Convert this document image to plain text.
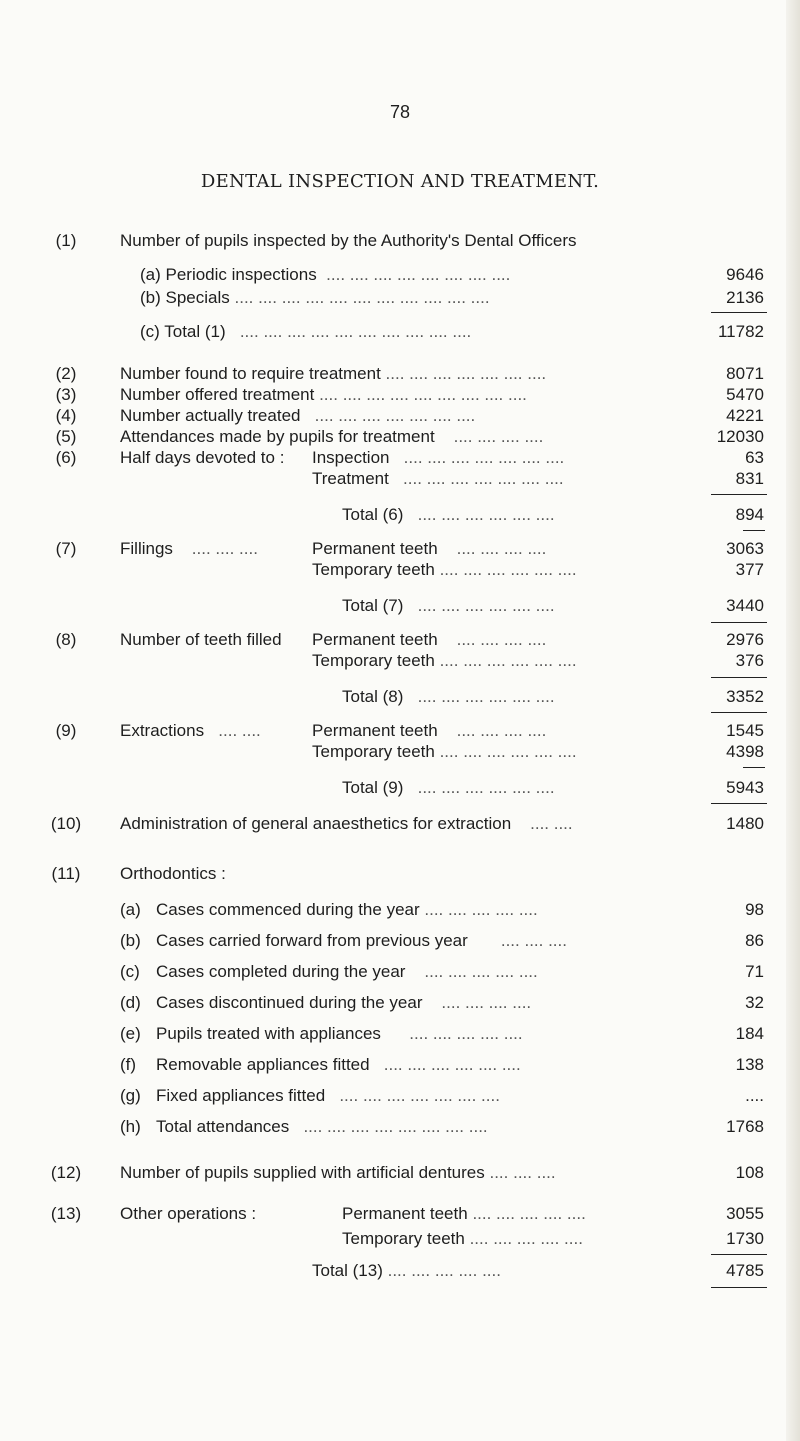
78
DENTAL INSPECTION AND TREATMENT.
(1)	Number of pupils inspected by the Authority's Dental Officers
(a) Periodic inspections  .... .... .... .... .... .... .... ....	9646
(b) Specials .... .... .... .... .... .... .... .... .... .... ....	2136
(c) Total (1)   .... .... .... .... .... .... .... .... .... ....	11782
(2)	Number found to require treatment .... .... .... .... .... .... ....	8071
(3)	Number offered treatment .... .... .... .... .... .... .... .... ....	5470
(4)	Number actually treated   .... .... .... .... .... .... ....	4221
(5)	Attendances made by pupils for treatment    .... .... .... ....	12030
(6)	Half days devoted to : Inspection   .... .... .... .... .... .... ....	63
Treatment   .... .... .... .... .... .... ....	831
Total (6)   .... .... .... .... .... ....	894
(7)	Fillings    .... .... ....	Permanent teeth    .... .... .... ....	3063
Temporary teeth .... .... .... .... .... ....	377
Total (7)   .... .... .... .... .... ....	3440
(8)	Number of teeth filled Permanent teeth    .... .... .... ....	2976
Temporary teeth .... .... .... .... .... ....	376
Total (8)   .... .... .... .... .... ....	3352
(9)	Extractions   .... ....	Permanent teeth    .... .... .... ....	1545
Temporary teeth .... .... .... .... .... ....	4398
Total (9)   .... .... .... .... .... ....	5943
(10)	Administration of general anaesthetics for extraction    .... ....	1480
(11)	Orthodontics :
(a) Cases commenced during the year .... .... .... .... ....	98
(b) Cases carried forward from previous year       .... .... ....	86
(c) Cases completed during the year    .... .... .... .... ....	71
(d) Cases discontinued during the year    .... .... .... ....	32
(e) Pupils treated with appliances      .... .... .... .... ....	184
(f) Removable appliances fitted   .... .... .... .... .... ....	138
(g) Fixed appliances fitted   .... .... .... .... .... .... ....	....
(h) Total attendances   .... .... .... .... .... .... .... ....	1768
(12)	Number of pupils supplied with artificial dentures .... .... ....	108
(13)	Other operations :	Permanent teeth .... .... .... .... ....	3055
Temporary teeth .... .... .... .... ....	1730
Total (13) .... .... .... .... ....	4785
